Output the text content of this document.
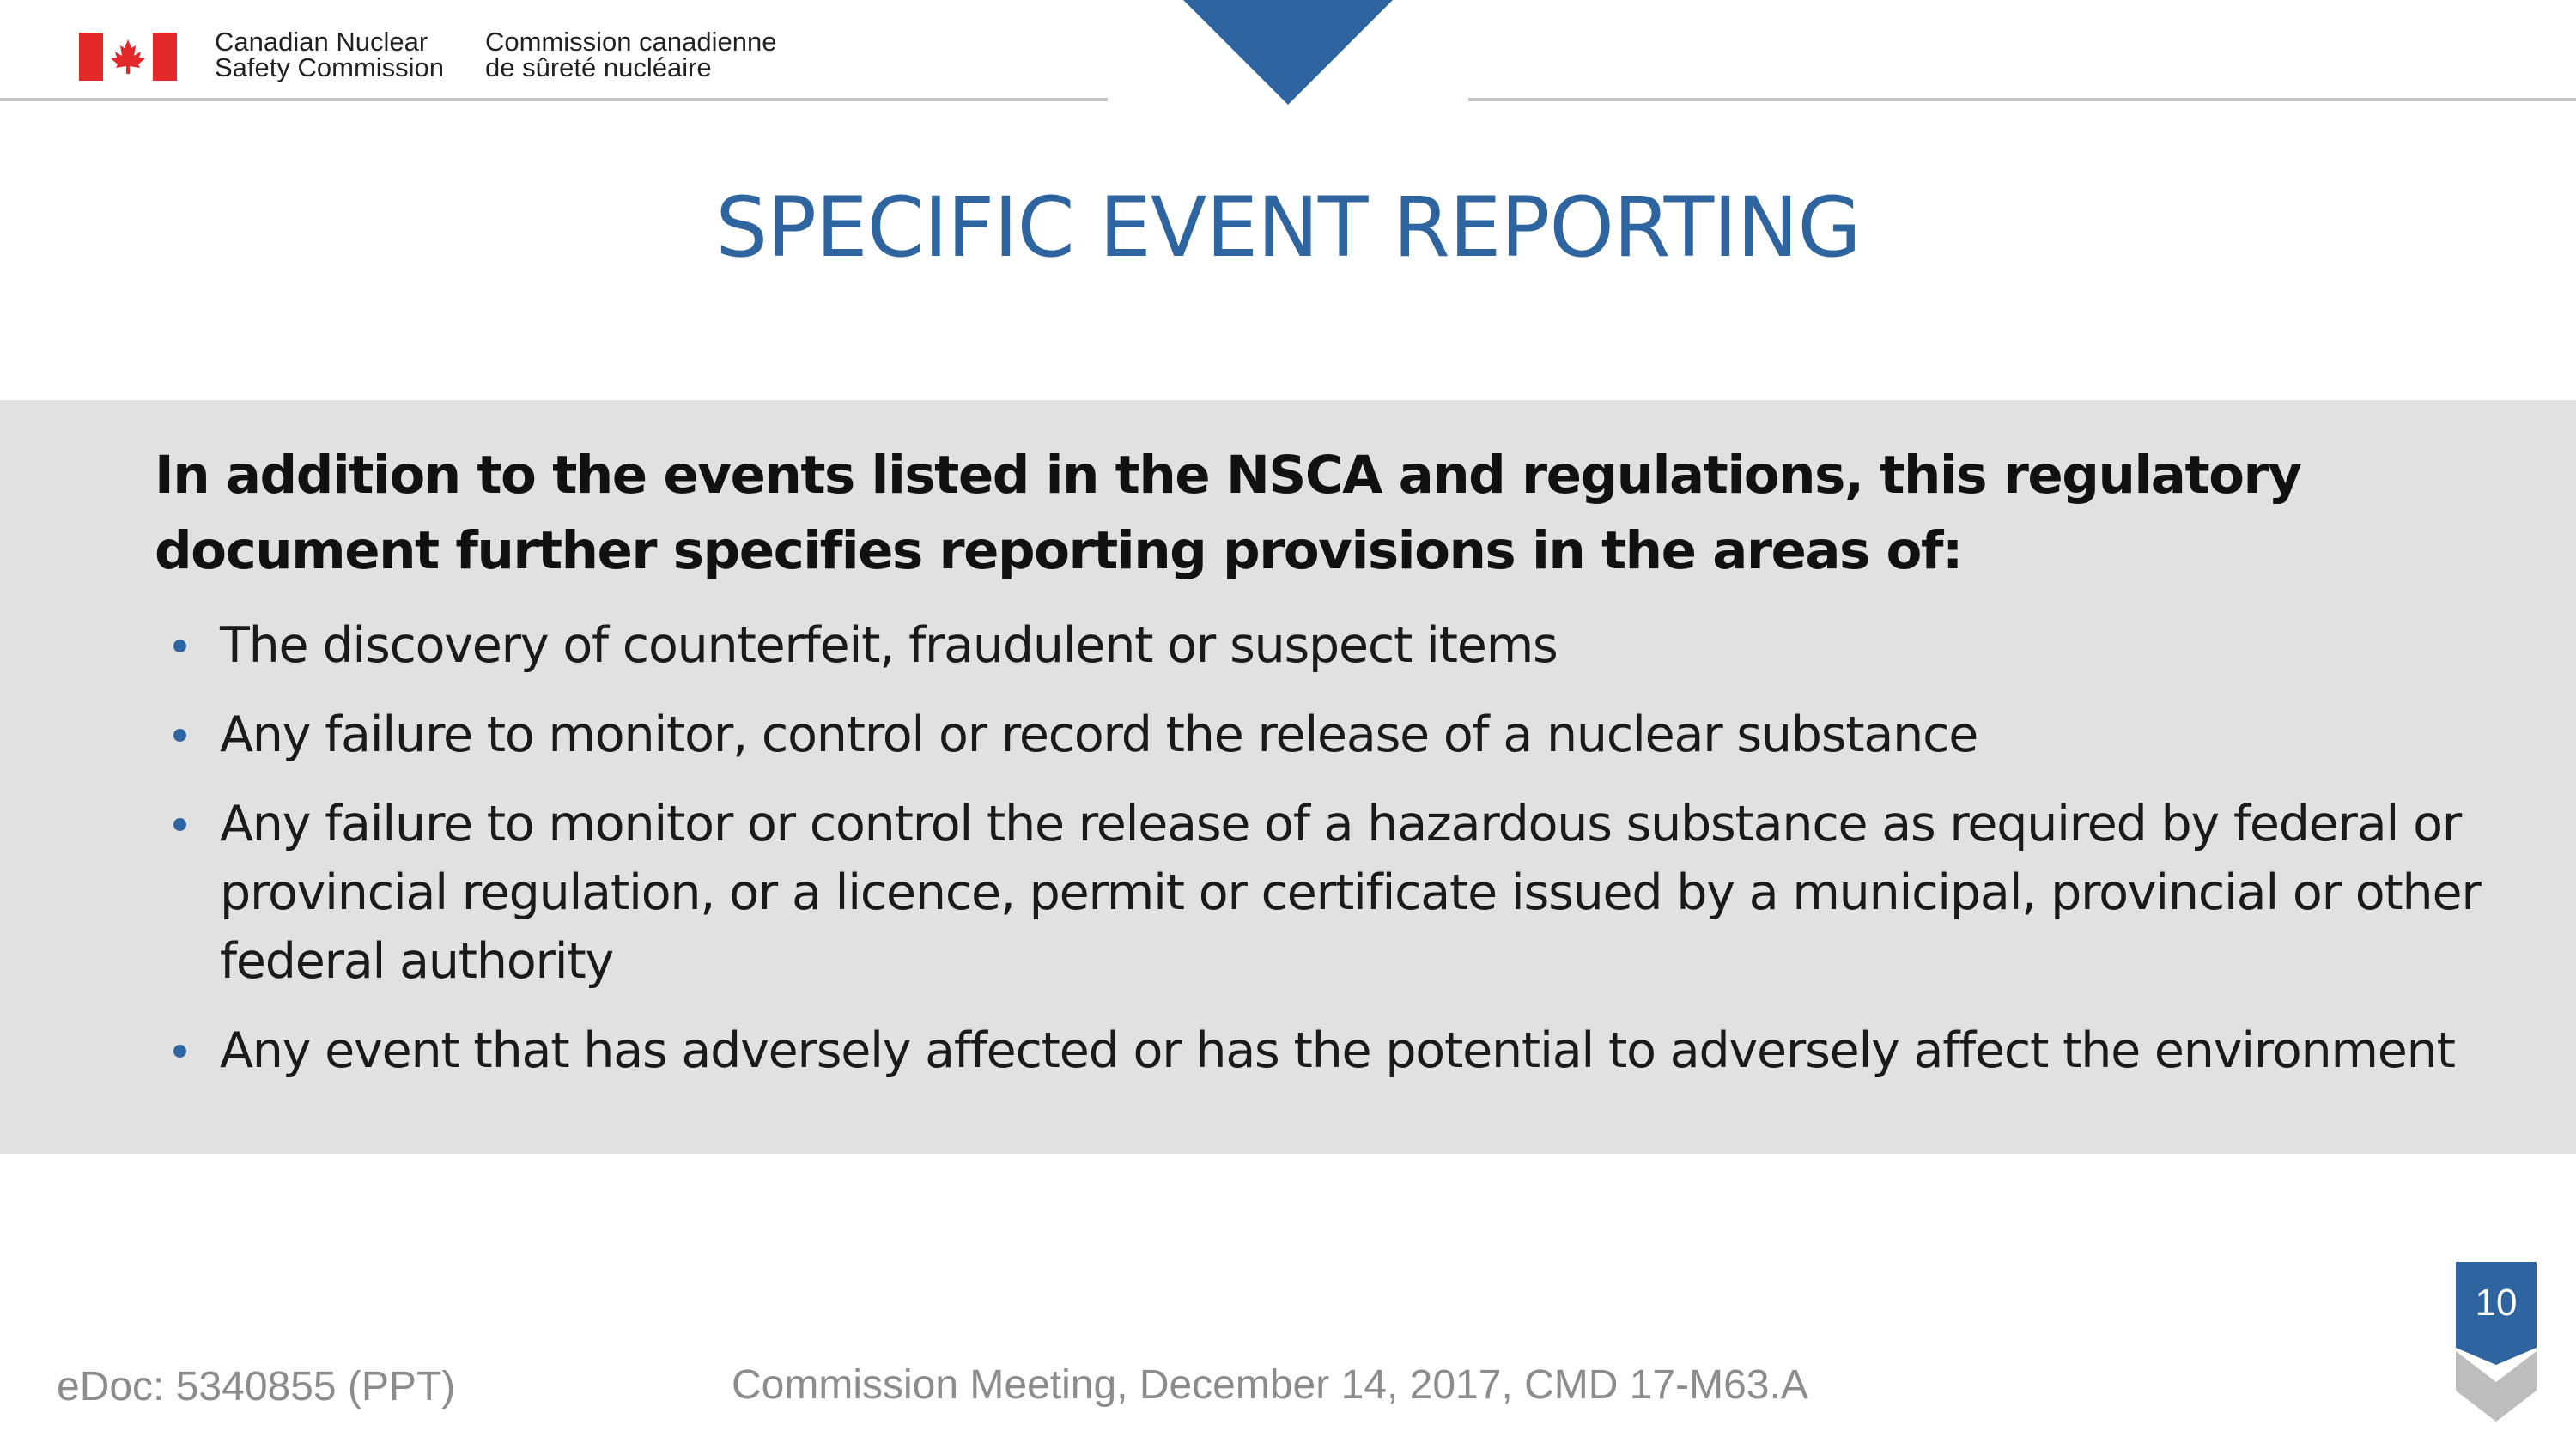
Canadian Nuclear
Safety Commission
Commission canadienne
de sûreté nucléaire
SPECIFIC EVENT REPORTING

In addition to the events listed in the NSCA and regulations, this regulatory document further specifies reporting provisions in the areas of:

The discovery of counterfeit, fraudulent or suspect items
Any failure to monitor, control or record the release of a nuclear substance
Any failure to monitor or control the release of a hazardous substance as required by federal or provincial regulation, or a licence, permit or certificate issued by a municipal, provincial or other federal authority
Any event that has adversely affected or has the potential to adversely affect the environment
eDoc: 5340855 (PPT)	Commission Meeting, December 14, 2017, CMD 17-M63.A
10
